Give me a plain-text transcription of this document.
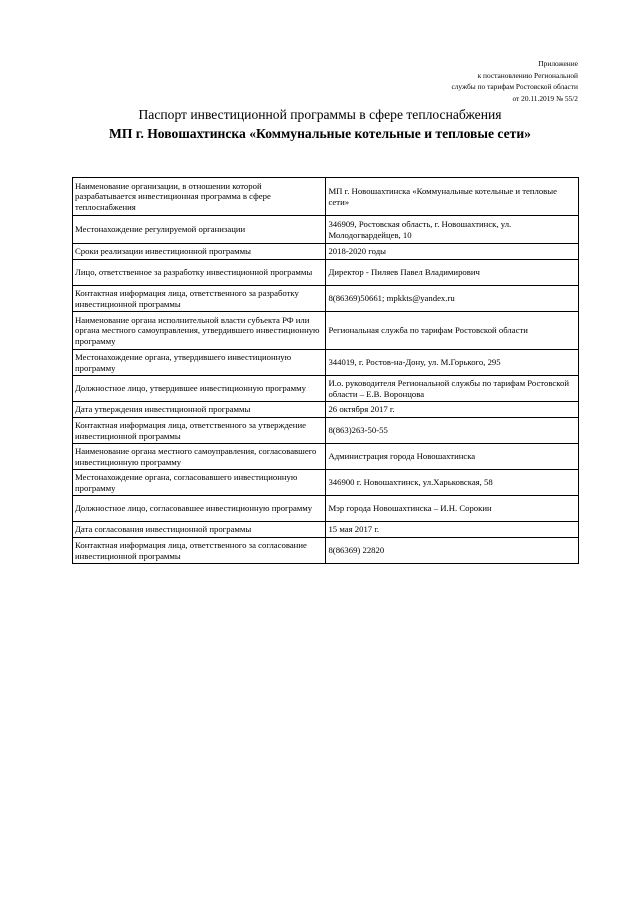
Приложение
к постановлению Региональной
службы по тарифам Ростовской области
от 20.11.2019 № 55/2
Паспорт инвестиционной программы в сфере теплоснабжения
МП г. Новошахтинска «Коммунальные котельные и тепловые сети»
Наименование организации, в отношении которой разрабатывается инвестиционная программа в сфере теплоснабжения	МП г. Новошахтинска «Коммунальные котельные и тепловые сети»
Местонахождение регулируемой организации	346909, Ростовская область, г. Новошахтинск, ул. Молодогвардейцев, 10
Сроки реализации инвестиционной программы	2018-2020 годы
Лицо, ответственное за разработку инвестиционной программы	Директор - Пиляев Павел Владимирович
Контактная информация лица, ответственного за разработку инвестиционной программы	8(86369)50661; mpkkts@yandex.ru
Наименование органа исполнительной власти субъекта РФ или органа местного самоуправления, утвердившего инвестиционную программу	Региональная служба по тарифам Ростовской области
Местонахождение органа, утвердившего инвестиционную программу	344019, г. Ростов-на-Дону, ул. М.Горького, 295
Должностное лицо, утвердившее инвестиционную программу	И.о. руководителя Региональной службы по тарифам Ростовской области – Е.В. Воронцова
Дата утверждения инвестиционной программы	26 октября 2017 г.
Контактная информация лица, ответственного за утверждение инвестиционной программы	8(863)263-50-55
Наименование органа местного самоуправления, согласовавшего инвестиционную программу	Администрация города Новошахтинска
Местонахождение органа, согласовавшего инвестиционную программу	346900 г. Новошахтинск, ул.Харьковская, 58
Должностное лицо, согласовавшее инвестиционную программу	Мэр города Новошахтинска – И.Н. Сорокин
Дата согласования инвестиционной программы	15 мая 2017 г.
Контактная информация лица, ответственного за согласование инвестиционной программы	8(86369) 22820
